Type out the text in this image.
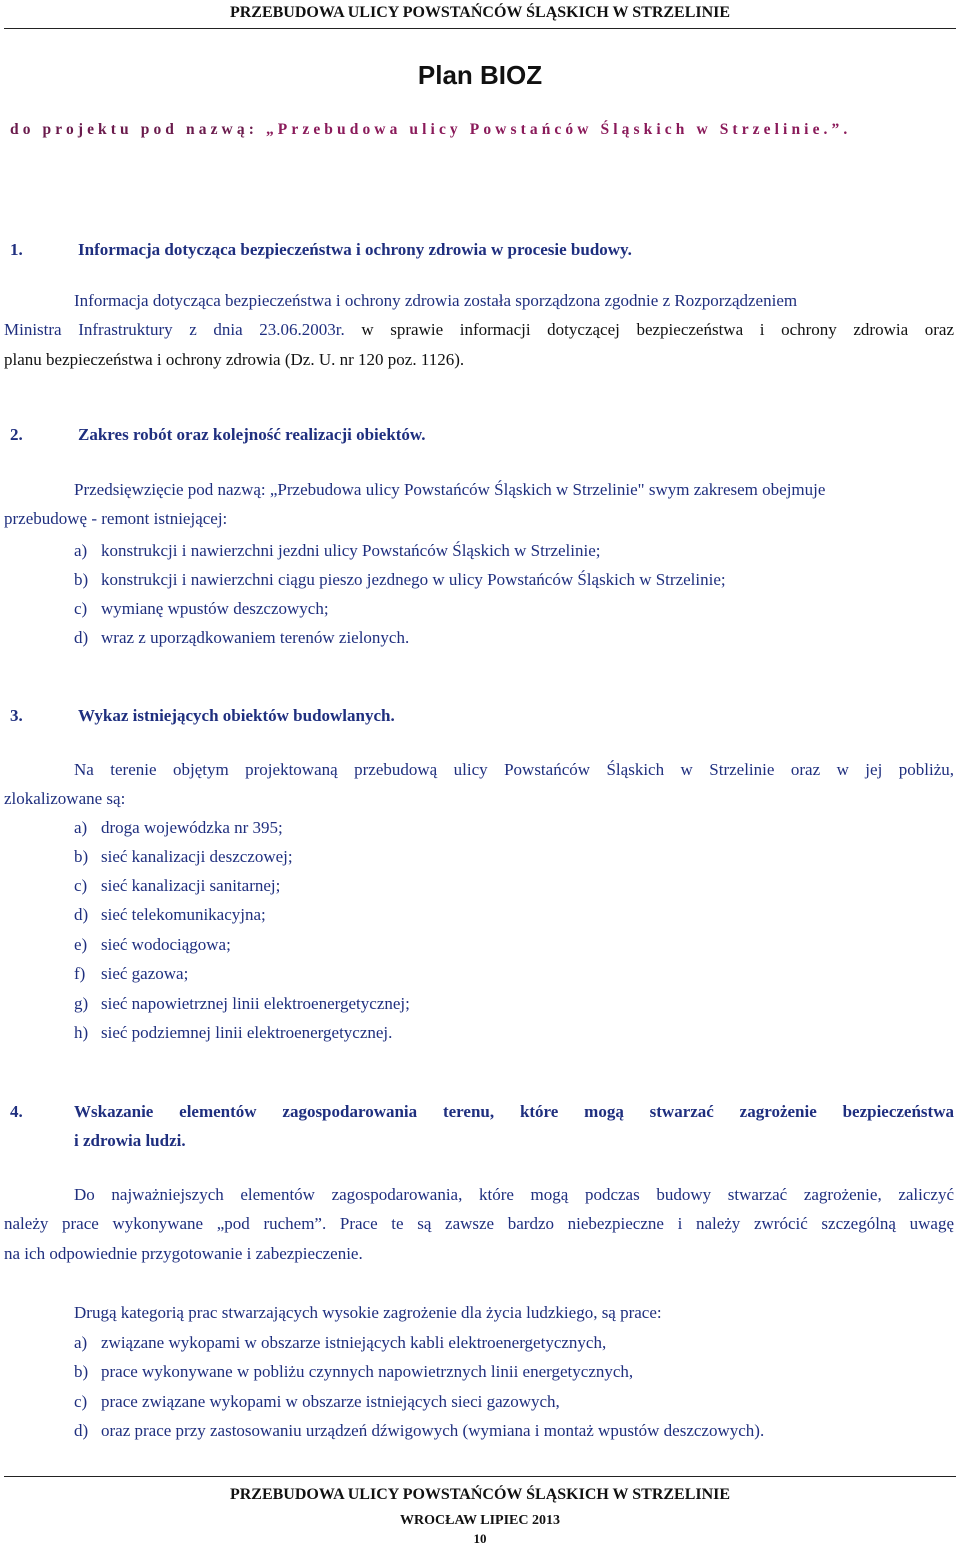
PRZEBUDOWA ULICY POWSTAŃCÓW ŚLĄSKICH W STRZELINIE
Plan BIOZ
do projektu pod nazwą: „Przebudowa ulicy Powstańców Śląskich w Strzelinie.”.
1.	Informacja dotycząca bezpieczeństwa i ochrony zdrowia w procesie budowy.
Informacja dotycząca bezpieczeństwa i ochrony zdrowia została sporządzona zgodnie z Rozporządzeniem
Ministra Infrastruktury z dnia 23.06.2003r. w sprawie informacji dotyczącej bezpieczeństwa i ochrony zdrowia oraz
planu bezpieczeństwa i ochrony zdrowia (Dz. U. nr 120 poz. 1126).
2.	Zakres robót oraz kolejność realizacji obiektów.
Przedsięwzięcie pod nazwą: „Przebudowa ulicy Powstańców Śląskich w Strzelinie" swym zakresem obejmuje
przebudowę - remont istniejącej:
a) konstrukcji i nawierzchni jezdni ulicy Powstańców Śląskich w Strzelinie;
b) konstrukcji i nawierzchni ciągu pieszo jezdnego w ulicy Powstańców Śląskich w Strzelinie;
c) wymianę wpustów deszczowych;
d) wraz z uporządkowaniem terenów zielonych.
3.	Wykaz istniejących obiektów budowlanych.
Na terenie objętym projektowaną przebudową ulicy Powstańców Śląskich w Strzelinie oraz w jej pobliżu,
zlokalizowane są:
a) droga wojewódzka nr 395;
b) sieć kanalizacji deszczowej;
c) sieć kanalizacji sanitarnej;
d) sieć telekomunikacyjna;
e) sieć wodociągowa;
f) sieć gazowa;
g) sieć napowietrznej linii elektroenergetycznej;
h) sieć podziemnej linii elektroenergetycznej.
4.	Wskazanie elementów zagospodarowania terenu, które mogą stwarzać zagrożenie bezpieczeństwa
i zdrowia ludzi.
Do najważniejszych elementów zagospodarowania, które mogą podczas budowy stwarzać zagrożenie, zaliczyć
należy prace wykonywane „pod ruchem”. Prace te są zawsze bardzo niebezpieczne i należy zwrócić szczególną uwagę
na ich odpowiednie przygotowanie i zabezpieczenie.
Drugą kategorią prac stwarzających wysokie zagrożenie dla życia ludzkiego, są prace:
a) związane wykopami w obszarze istniejących kabli elektroenergetycznych,
b) prace wykonywane w pobliżu czynnych napowietrznych linii energetycznych,
c) prace związane wykopami w obszarze istniejących sieci gazowych,
d) oraz prace przy zastosowaniu urządzeń dźwigowych (wymiana i montaż wpustów deszczowych).
PRZEBUDOWA ULICY POWSTAŃCÓW ŚLĄSKICH W STRZELINIE
WROCŁAW LIPIEC 2013
10
